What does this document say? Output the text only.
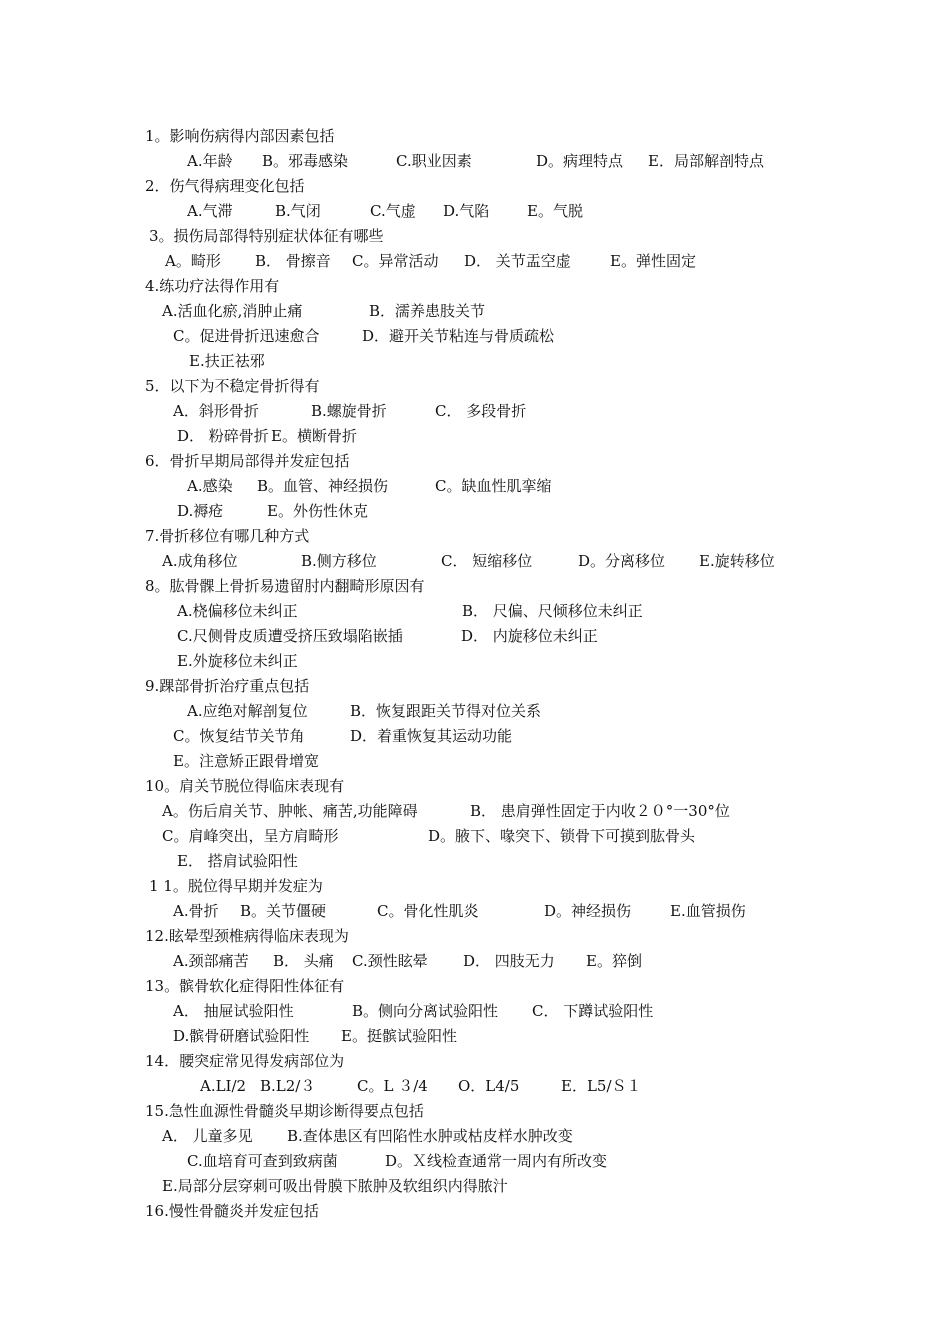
1。影响伤病得内部因素包括
A.年龄 B。邪毒感染	C.职业因素	D。病理特点 E．局部解剖特点
2．伤气得病理变化包括
A.气滞	B.气闭	C.气虚 D.气陷	E。气脱
3。损伤局部得特别症状体征有哪些
A。畸形 B． 骨擦音 C。异常活动 D． 关节盂空虚	E。弹性固定
4.练功疗法得作用有
A.活血化瘀,消肿止痛	B．濡养患肢关节
C。促进骨折迅速愈合	D．避开关节粘连与骨质疏松
E.扶正祛邪
5．以下为不稳定骨折得有
A．斜形骨折	B.螺旋骨折	C． 多段骨折
D． 粉碎骨折 E。横断骨折
6．骨折早期局部得并发症包括
A.感染 B。血管、神经损伤	C。缺血性肌挛缩
D.褥疮	E。外伤性休克
7.骨折移位有哪几种方式
A.成角移位	B.侧方移位	C． 短缩移位	D。分离移位 E.旋转移位
8。肱骨髁上骨折易遗留肘内翻畸形原因有
A.桡偏移位未纠正	B． 尺偏、尺倾移位未纠正
C.尺侧骨皮质遭受挤压致塌陷嵌插	D． 内旋移位未纠正
E.外旋移位未纠正
9.踝部骨折治疗重点包括
A.应绝对解剖复位	B．恢复跟距关节得对位关系
C。恢复结节关节角	D．着重恢复其运动功能
E。注意矫正跟骨增宽
10。肩关节脱位得临床表现有
A。伤后肩关节、肿帐、痛苦,功能障碍	B． 患肩弹性固定于内收２０°一30°位
C。肩峰突出，呈方肩畸形	D。腋下、喙突下、锁骨下可摸到肱骨头
E． 搭肩试验阳性
1 1。脱位得早期并发症为
A.骨折 B。关节僵硬	C。骨化性肌炎	D。神经损伤	E.血管损伤
12.眩晕型颈椎病得临床表现为
A.颈部痛苦 B． 头痛 C.颈性眩晕 D． 四肢无力 E。猝倒
13。髌骨软化症得阳性体征有
A． 抽屉试验阳性	B。侧向分离试验阳性 C． 下蹲试验阳性
D.髌骨研磨试验阳性 E。挺髌试验阳性
14．腰突症常见得发病部位为
A.LI/2 B.L2/３	C。L ３/4 O．L4/5	E．L5/Ｓ１
15.急性血源性骨髓炎早期诊断得要点包括
A． 儿童多见 B.查体患区有凹陷性水肿或枯皮样水肿改变
C.血培育可查到致病菌	D。Ｘ线检查通常一周内有所改变
E.局部分层穿刺可吸出骨膜下脓肿及软组织内得脓汁
16.慢性骨髓炎并发症包括
